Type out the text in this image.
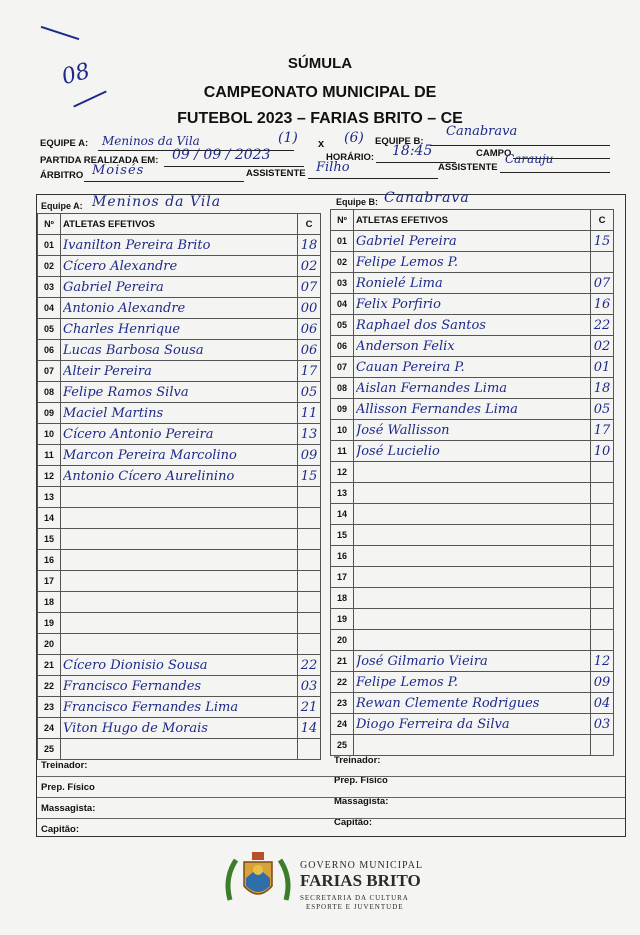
08	SÚMULA
CAMPEONATO MUNICIPAL DE
FUTEBOL 2023 – FARIAS BRITO – CE
EQUIPE A: Meninos da Vila	(1) x (6) EQUIPE B:
Canabrava
PARTIDA REALIZADA EM: 09 / 09 / 2023	HORÁRIO: 18:45	CAMPO
ÁRBITRO Moisés	ASSISTENTE Filho	ASSISTENTE
Carauju
Equipe A: Meninos da Vila
Nº	ATLETAS EFETIVOS	C
01	Ivanilton Pereira Brito	18

02	Cícero Alexandre	02

03	Gabriel Pereira	07

04	Antonio Alexandre	00

05	Charles Henrique	06

06	Lucas Barbosa Sousa	06

07	Alteir Pereira	17

08	Felipe Ramos Silva	05

09	Maciel Martins	11

10	Cícero Antonio Pereira	13

11	Marcon Pereira Marcolino	09

12	Antonio Cícero Aurelinino	15

13	

14	

15	

16	

17	

18	

19	

20	

21	Cícero Dionisio Sousa	22

22	Francisco Fernandes	03

23	Francisco Fernandes Lima	21

24	Viton Hugo de Morais	14

25	

Equipe B: Canabrava
Nº	ATLETAS EFETIVOS	C
01	Gabriel Pereira	15

02	Felipe Lemos P.	

03	Ronielé Lima	07

04	Felix Porfirio	16

05	Raphael dos Santos	22

06	Anderson Felix	02

07	Cauan Pereira P.	01

08	Aislan Fernandes Lima	18

09	Allisson Fernandes Lima	05

10	José Wallisson	17

11	José Lucielio	10

12	

13	

14	

15	

16	

17	

18	

19	

20	

21	José Gilmario Vieira	12

22	Felipe Lemos P.	09

23	Rewan Clemente Rodrigues	04

24	Diogo Ferreira da Silva	03

25	

Treinador:
Prep. Físico
Massagista:
Capitão:
Treinador:
Prep. Físico
Massagista:
Capitão:
GOVERNO MUNICIPAL
FARIAS BRITO
SECRETARIA DA CULTURA
ESPORTE E JUVENTUDE
